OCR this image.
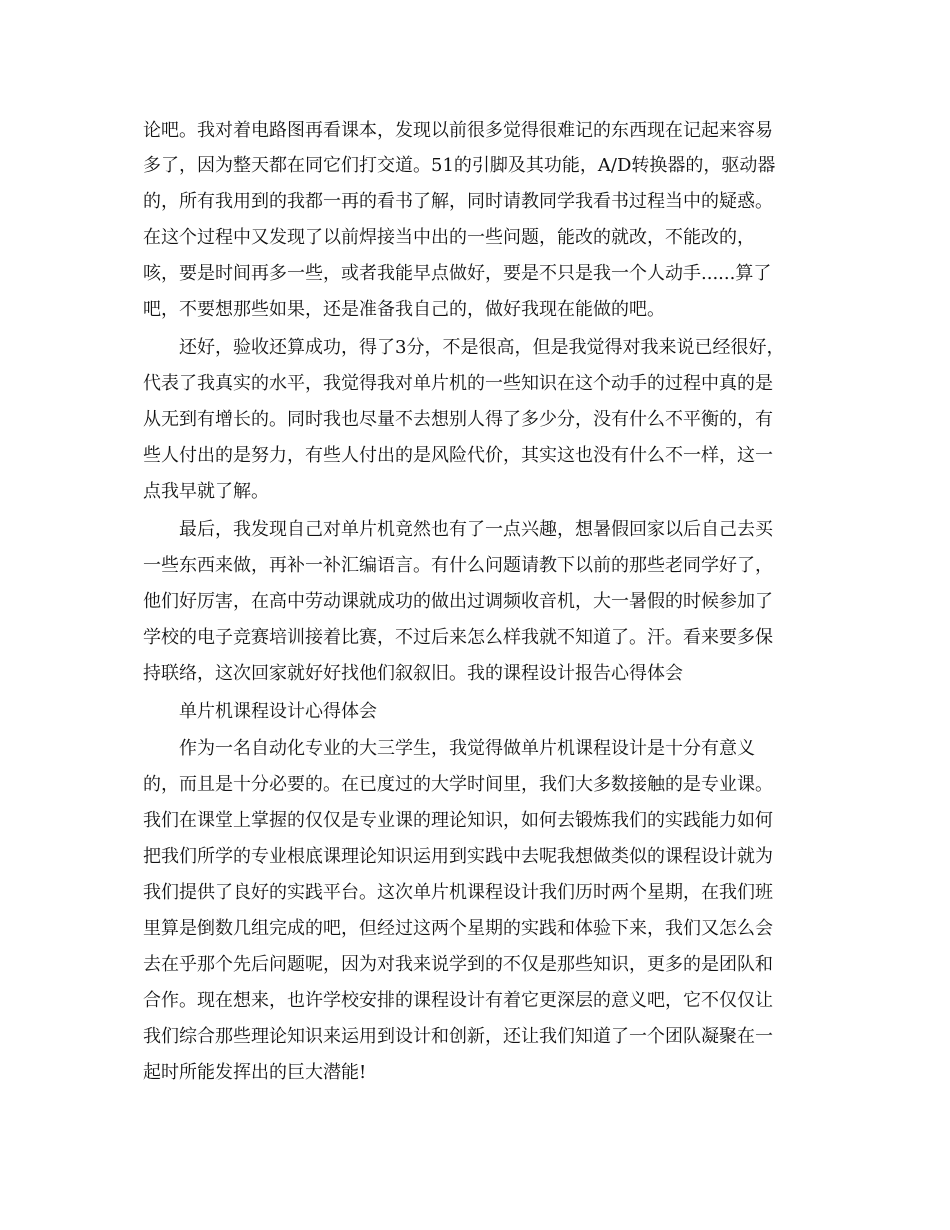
论吧。我对着电路图再看课本，发现以前很多觉得很难记的东西现在记起来容易
多了，因为整天都在同它们打交道。51的引脚及其功能，A/D转换器的，驱动器
的，所有我用到的我都一再的看书了解，同时请教同学我看书过程当中的疑惑。
在这个过程中又发现了以前焊接当中出的一些问题，能改的就改，不能改的，
咳，要是时间再多一些，或者我能早点做好，要是不只是我一个人动手......算了
吧，不要想那些如果，还是准备我自己的，做好我现在能做的吧。
还好，验收还算成功，得了3分，不是很高，但是我觉得对我来说已经很好，
代表了我真实的水平，我觉得我对单片机的一些知识在这个动手的过程中真的是
从无到有增长的。同时我也尽量不去想别人得了多少分，没有什么不平衡的，有
些人付出的是努力，有些人付出的是风险代价，其实这也没有什么不一样，这一
点我早就了解。
最后，我发现自己对单片机竟然也有了一点兴趣，想暑假回家以后自己去买
一些东西来做，再补一补汇编语言。有什么问题请教下以前的那些老同学好了，
他们好厉害，在高中劳动课就成功的做出过调频收音机，大一暑假的时候参加了
学校的电子竞赛培训接着比赛，不过后来怎么样我就不知道了。汗。看来要多保
持联络，这次回家就好好找他们叙叙旧。我的课程设计报告心得体会
单片机课程设计心得体会
作为一名自动化专业的大三学生，我觉得做单片机课程设计是十分有意义
的，而且是十分必要的。在已度过的大学时间里，我们大多数接触的是专业课。
我们在课堂上掌握的仅仅是专业课的理论知识，如何去锻炼我们的实践能力如何
把我们所学的专业根底课理论知识运用到实践中去呢我想做类似的课程设计就为
我们提供了良好的实践平台。这次单片机课程设计我们历时两个星期，在我们班
里算是倒数几组完成的吧，但经过这两个星期的实践和体验下来，我们又怎么会
去在乎那个先后问题呢，因为对我来说学到的不仅是那些知识，更多的是团队和
合作。现在想来，也许学校安排的课程设计有着它更深层的意义吧，它不仅仅让
我们综合那些理论知识来运用到设计和创新，还让我们知道了一个团队凝聚在一
起时所能发挥出的巨大潜能!
